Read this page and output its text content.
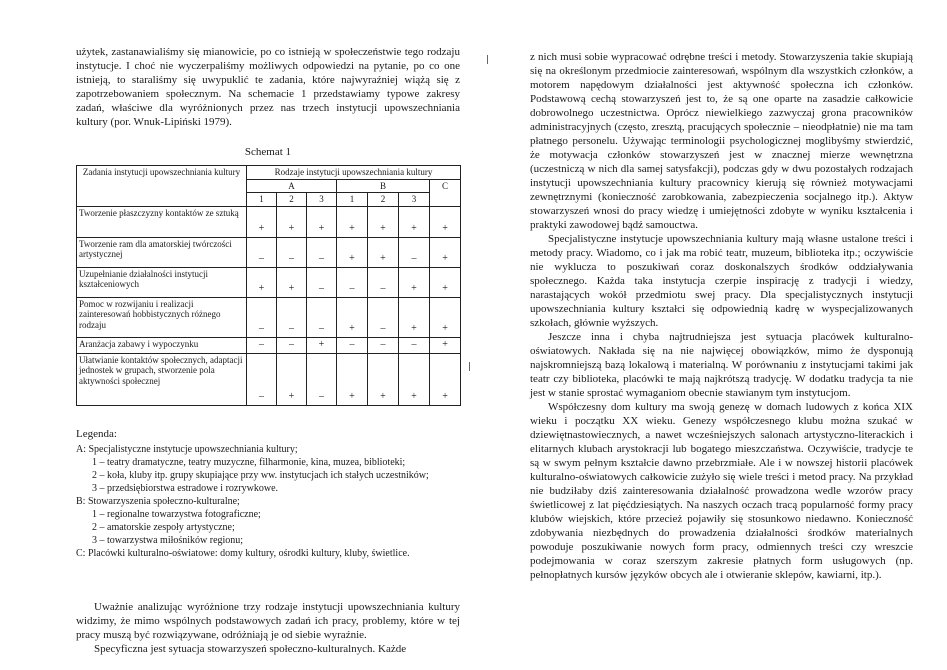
użytek, zastanawialiśmy się mianowicie, po co istnieją w społeczeństwie tego rodzaju instytucje. I choć nie wyczerpaliśmy możliwych odpowiedzi na pytanie, po co one istnieją, to staraliśmy się uwypuklić te zadania, które najwyraźniej wiążą się z zapotrzebowaniem społecznym. Na schemacie 1 przedstawiamy typowe zakresy zadań, właściwe dla wyróżnionych przez nas trzech instytucji upowszechniania kultury (por. Wnuk-Lipiński 1979).

Schemat 1
Zadania instytucji upowszechniania kultury	Rodzaje instytucji upowszechniania kultury						
	A			B			C
	1	2	3	1	2	3	
Tworzenie płaszczyzny kontaktów ze sztuką	+	+	+	+	+	+	+
Tworzenie ram dla amatorskiej twórczości artystycznej	–	–	–	+	+	–	+
Uzupełnianie działalności instytucji kształceniowych	+	+	–	–	–	+	+
Pomoc w rozwijaniu i realizacji zainteresowań hobbistycznych różnego rodzaju	–	–	–	+	–	+	+
Aranżacja zabawy i wypoczynku	–	–	+	–	–	–	+
Ułatwianie kontaktów społecznych, adaptacji jednostek w grupach, stworzenie pola aktywności społecznej	–	+	–	+	+	+	+

Legenda:

A: Specjalistyczne instytucje upowszechniania kultury;

1 – teatry dramatyczne, teatry muzyczne, filharmonie, kina, muzea, biblioteki;

2 – koła, kluby itp. grupy skupiające przy ww. instytucjach ich stałych uczestników;

3 – przedsiębiorstwa estradowe i rozrywkowe.

B: Stowarzyszenia społeczno-kulturalne;

1 – regionalne towarzystwa fotograficzne;

2 – amatorskie zespoły artystyczne;

3 – towarzystwa miłośników regionu;

C: Placówki kulturalno-oświatowe: domy kultury, ośrodki kultury, kluby, świetlice.

Uważnie analizując wyróżnione trzy rodzaje instytucji upowszechniania kultury widzimy, że mimo wspólnych podstawowych zadań ich pracy, problemy, które w tej pracy muszą być rozwiązywane, odróżniają je od siebie wyraźnie.

Specyficzna jest sytuacja stowarzyszeń społeczno-kulturalnych. Każde

z nich musi sobie wypracować odrębne treści i metody. Stowarzyszenia takie skupiają się na określonym przedmiocie zainteresowań, wspólnym dla wszystkich członków, a motorem napędowym działalności jest aktywność społeczna ich członków. Podstawową cechą stowarzyszeń jest to, że są one oparte na zasadzie całkowicie dobrowolnego uczestnictwa. Oprócz niewielkiego zazwyczaj grona pracowników administracyjnych (często, zresztą, pracujących społecznie – nieodpłatnie) nie ma tam płatnego personelu. Używając terminologii psychologicznej moglibyśmy stwierdzić, że motywacja członków stowarzyszeń jest w znacznej mierze wewnętrzna (uczestniczą w nich dla samej satysfakcji), podczas gdy w dwu pozostałych rodzajach instytucji upowszechniania kultury pracownicy kierują się również motywacjami zewnętrznymi (konieczność zarobkowania, zabezpieczenia socjalnego itp.). Aktyw stowarzyszeń wnosi do pracy wiedzę i umiejętności zdobyte w wyniku kształcenia i praktyki zawodowej bądź samouctwa.

Specjalistyczne instytucje upowszechniania kultury mają własne ustalone treści i metody pracy. Wiadomo, co i jak ma robić teatr, muzeum, biblioteka itp.; oczywiście nie wyklucza to poszukiwań coraz doskonalszych środków oddziaływania społecznego. Każda taka instytucja czerpie inspirację z tradycji i wiedzy, narastających wokół przedmiotu swej pracy. Dla specjalistycznych instytucji upowszechniania kultury kształci się odpowiednią kadrę w wyspecjalizowanych szkołach, głównie wyższych.

Jeszcze inna i chyba najtrudniejsza jest sytuacja placówek kulturalno-oświatowych. Nakłada się na nie najwięcej obowiązków, mimo że dysponują najskromniejszą bazą lokalową i materialną. W porównaniu z instytucjami takimi jak teatr czy biblioteka, placówki te mają najkrótszą tradycję. W dodatku tradycja ta nie jest w stanie sprostać wymaganiom obecnie stawianym tym instytucjom.

Współczesny dom kultury ma swoją genezę w domach ludowych z końca XIX wieku i początku XX wieku. Genezy współczesnego klubu można szukać w dziewiętnastowiecznych, a nawet wcześniejszych salonach artystyczno-literackich i elitarnych klubach arystokracji lub bogatego mieszczaństwa. Oczywiście, tradycje te są w swym pełnym kształcie dawno przebrzmiałe. Ale i w nowszej historii placówek kulturalno-oświatowych całkowicie zużyło się wiele treści i metod pracy. Na przykład nie budziłaby dziś zainteresowania działalność prowadzona wedle wzorów pracy świetlicowej z lat pięćdziesiątych. Na naszych oczach tracą popularność formy pracy klubów wiejskich, które przecież pojawiły się stosunkowo niedawno. Konieczność zdobywania niezbędnych do prowadzenia działalności środków materialnych powoduje poszukiwanie nowych form pracy, odmiennych treści czy wreszcie podejmowania w coraz szerszym zakresie płatnych form usługowych (np. pełnopłatnych kursów języków obcych ale i otwieranie sklepów, kawiarni, itp.).
